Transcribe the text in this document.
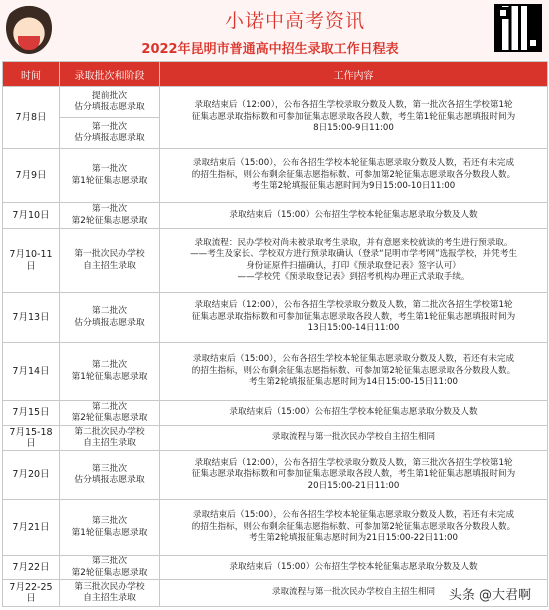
小诺中高考资讯
2022年昆明市普通高中招生录取工作日程表
时间	录取批次和阶段	工作内容
7月8日	提前批次
估分填报志愿录取	录取结束后（12:00），公布各招生学校录取分数及人数，第一批次各招生学校第1轮
征集志愿录取指标数和可参加征集志愿录取各段人数，考生第1轮征集志愿填报时间为
8日15:00-9日11:00

	第一批次
估分填报志愿录取	

7月9日	第一批次
第1轮征集志愿录取	录取结束后（15:00），公布各招生学校本轮征集志愿录取分数及人数，若还有未完成
的招生指标，则公布剩余征集志愿指标数、可参加第2轮征集志愿录取各分数段人数。
考生第2轮填报征集志愿时间为9日15:00-10日11:00

7月10日	第一批次
第2轮征集志愿录取	录取结束后（15:00）公布招生学校本轮征集志愿录取分数及人数

7月10-11日	第一批次民办学校
自主招生录取	录取流程：民办学校对尚未被录取考生录取，并有意愿来校就读的考生进行预录取。
——考生及家长、学校双方进行预录取确认（登录“昆明市学考网”选报学校，并凭考生
身份证原件扫描确认，打印《预录取登记表》签字认可）
——学校凭《预录取登记表》到招考机构办理正式录取手续。

7月13日	第二批次
估分填报志愿录取	录取结束后（12:00），公布各招生学校录取分数及人数，第二批次各招生学校第1轮
征集志愿录取指标数和可参加征集志愿录取各段人数，考生第1轮征集志愿填报时间为
13日15:00-14日11:00

7月14日	第二批次
第1轮征集志愿录取	录取结束后（15:00），公布各招生学校本轮征集志愿录取分数及人数，若还有未完成
的招生指标，则公布剩余征集志愿指标数、可参加第2轮征集志愿录取各分数段人数。
考生第2轮填报征集志愿时间为14日15:00-15日11:00

7月15日	第二批次
第2轮征集志愿录取	录取结束后（15:00）公布招生学校本轮征集志愿录取分数及人数

7月15-18日	第二批次民办学校
自主招生录取	录取流程与第一批次民办学校自主招生相同

7月20日	第三批次
估分填报志愿录取	录取结束后（12:00），公布各招生学校录取分数及人数，第三批次各招生学校第1轮
征集志愿录取指标数和可参加征集志愿录取各段人数，考生第1轮征集志愿填报时间为
20日15:00-21日11:00

7月21日	第三批次
第1轮征集志愿录取	录取结束后（15:00），公布各招生学校本轮征集志愿录取分数及人数，若还有未完成
的招生指标，则公布剩余征集志愿指标数、可参加第2轮征集志愿录取各分数段人数。
考生第2轮填报征集志愿时间为21日15:00-22日11:00

7月22日	第三批次
第2轮征集志愿录取	录取结束后（15:00）公布招生学校本轮征集志愿录取分数及人数

7月22-25日	第三批次民办学校
自主招生录取	录取流程与第一批次民办学校自主招生相同	头条 @大君啊
